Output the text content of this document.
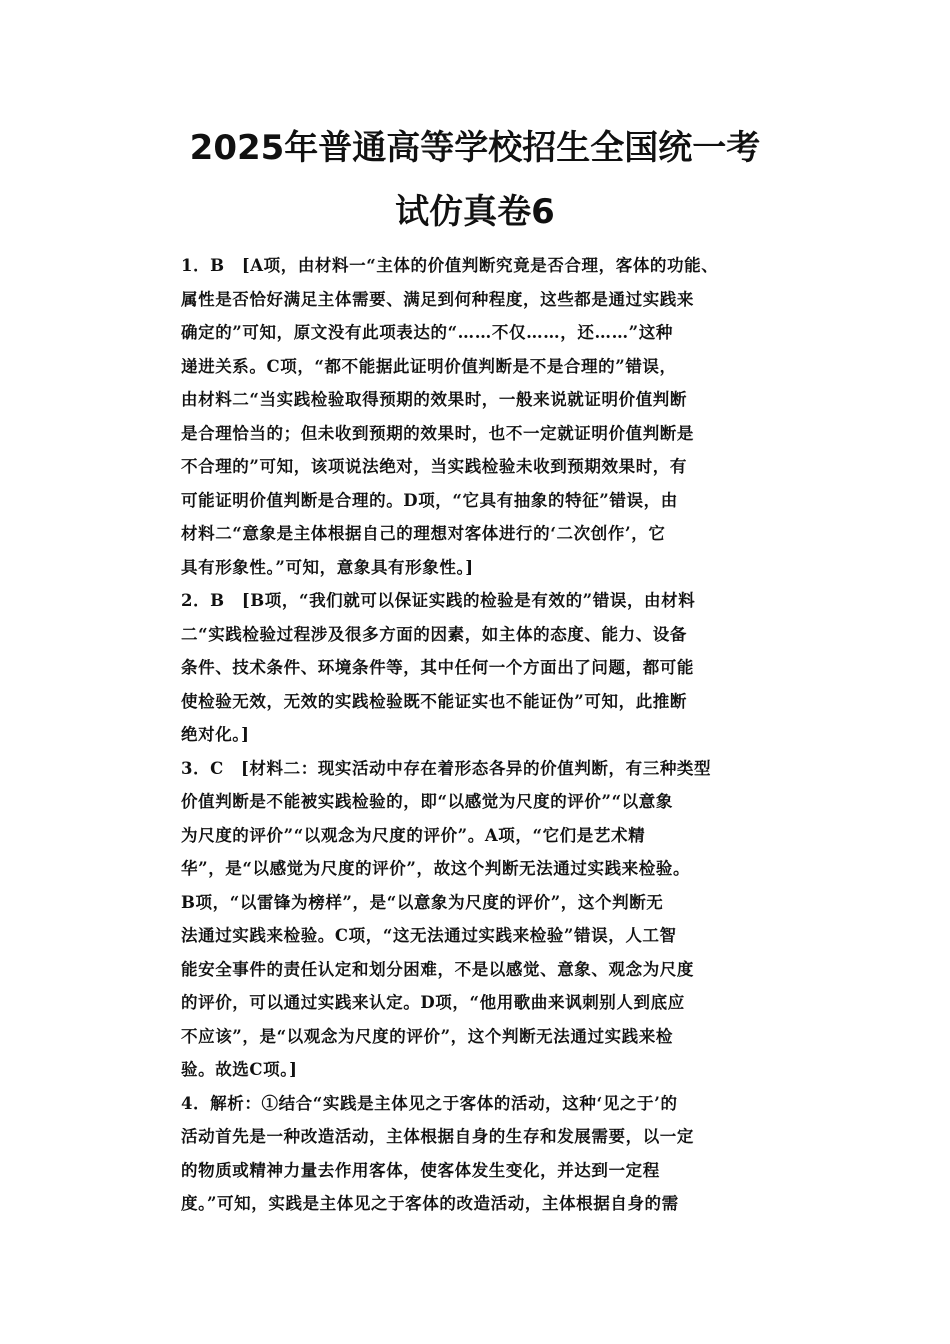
2025年普通高等学校招生全国统一考
试仿真卷6
1．B　[A项，由材料一“主体的价值判断究竟是否合理，客体的功能、
属性是否恰好满足主体需要、满足到何种程度，这些都是通过实践来
确定的”可知，原文没有此项表达的“……不仅……，还……”这种
递进关系。C项，“都不能据此证明价值判断是不是合理的”错误，
由材料二“当实践检验取得预期的效果时，一般来说就证明价值判断
是合理恰当的；但未收到预期的效果时，也不一定就证明价值判断是
不合理的”可知，该项说法绝对，当实践检验未收到预期效果时，有
可能证明价值判断是合理的。D项，“它具有抽象的特征”错误，由
材料二“意象是主体根据自己的理想对客体进行的‘二次创作’，它
具有形象性。”可知，意象具有形象性。]
2．B　[B项，“我们就可以保证实践的检验是有效的”错误，由材料
二“实践检验过程涉及很多方面的因素，如主体的态度、能力、设备
条件、技术条件、环境条件等，其中任何一个方面出了问题，都可能
使检验无效，无效的实践检验既不能证实也不能证伪”可知，此推断
绝对化。]
3．C　[材料二：现实活动中存在着形态各异的价值判断，有三种类型
价值判断是不能被实践检验的，即“以感觉为尺度的评价”“以意象
为尺度的评价”“以观念为尺度的评价”。A项，“它们是艺术精
华”，是“以感觉为尺度的评价”，故这个判断无法通过实践来检验。
B项，“以雷锋为榜样”，是“以意象为尺度的评价”，这个判断无
法通过实践来检验。C项，“这无法通过实践来检验”错误，人工智
能安全事件的责任认定和划分困难，不是以感觉、意象、观念为尺度
的评价，可以通过实践来认定。D项，“他用歌曲来讽刺别人到底应
不应该”，是“以观念为尺度的评价”，这个判断无法通过实践来检
验。故选C项。]
4．解析：①结合“实践是主体见之于客体的活动，这种‘见之于’的
活动首先是一种改造活动，主体根据自身的生存和发展需要，以一定
的物质或精神力量去作用客体，使客体发生变化，并达到一定程
度。”可知，实践是主体见之于客体的改造活动，主体根据自身的需
